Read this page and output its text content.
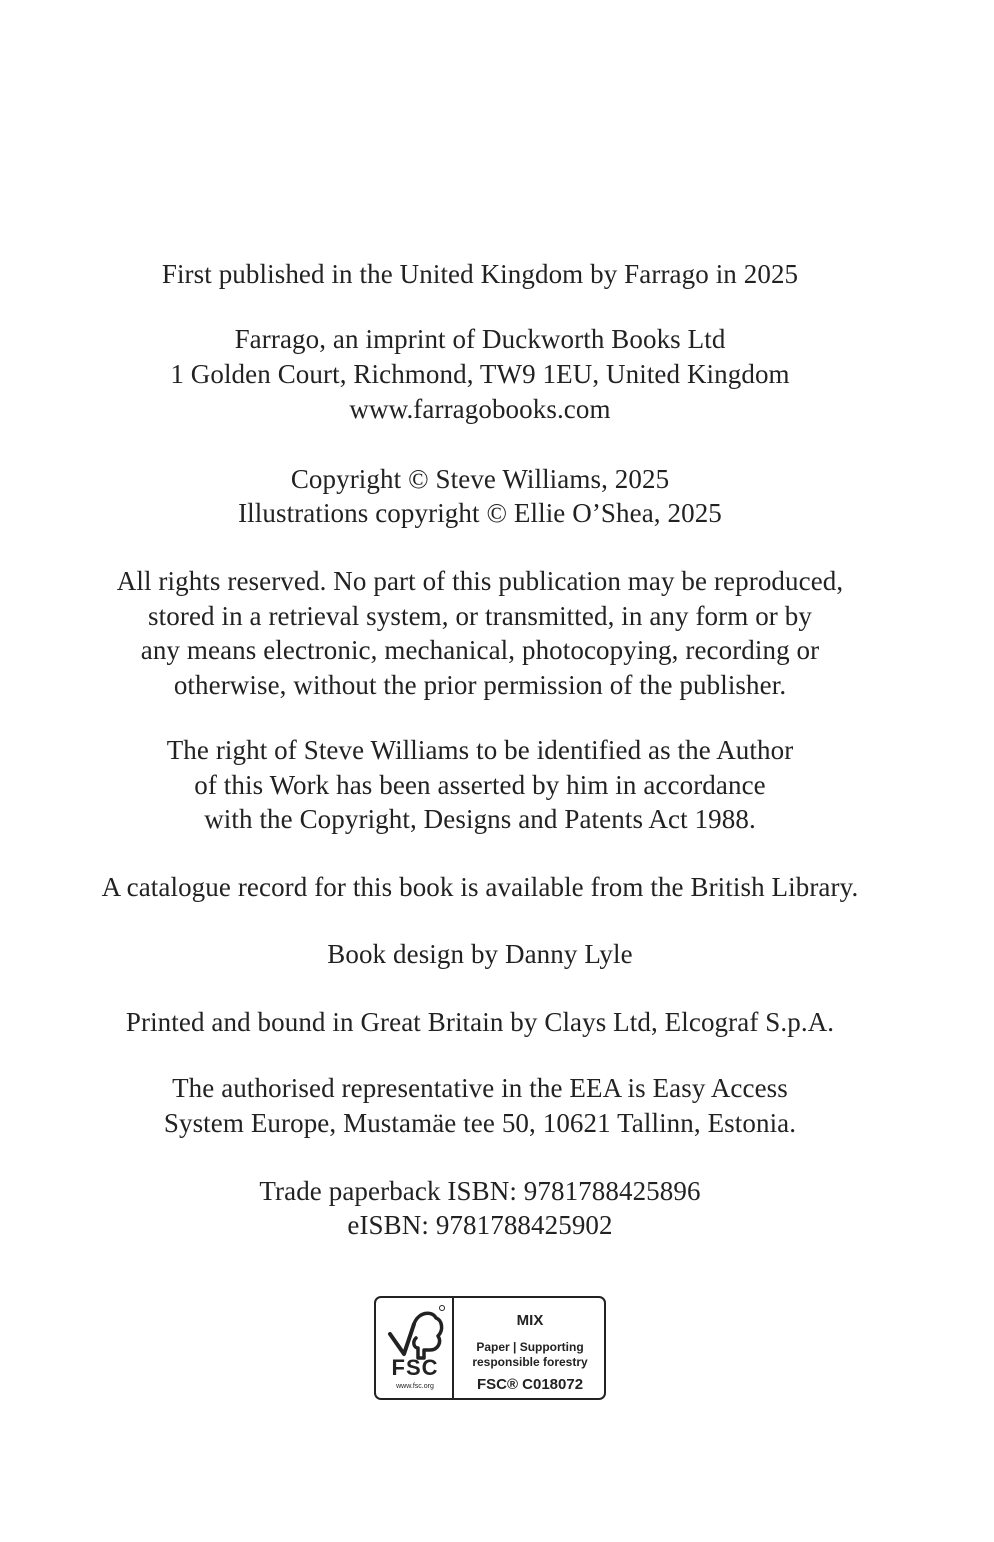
First published in the United Kingdom by Farrago in 2025
Farrago, an imprint of Duckworth Books Ltd
1 Golden Court, Richmond, TW9 1EU, United Kingdom
www.farragobooks.com
Copyright © Steve Williams, 2025
Illustrations copyright © Ellie O’Shea, 2025
All rights reserved. No part of this publication may be reproduced,
stored in a retrieval system, or transmitted, in any form or by
any means electronic, mechanical, photocopying, recording or
otherwise, without the prior permission of the publisher.
The right of Steve Williams to be identified as the Author
of this Work has been asserted by him in accordance
with the Copyright, Designs and Patents Act 1988.
A catalogue record for this book is available from the British Library.
Book design by Danny Lyle
Printed and bound in Great Britain by Clays Ltd, Elcograf S.p.A.
The authorised representative in the EEA is Easy Access
System Europe, Mustamäe tee 50, 10621 Tallinn, Estonia.
Trade paperback ISBN: 9781788425896
eISBN: 9781788425902
FSC
www.fsc.org
MIX
Paper | Supporting
responsible forestry
FSC® C018072
